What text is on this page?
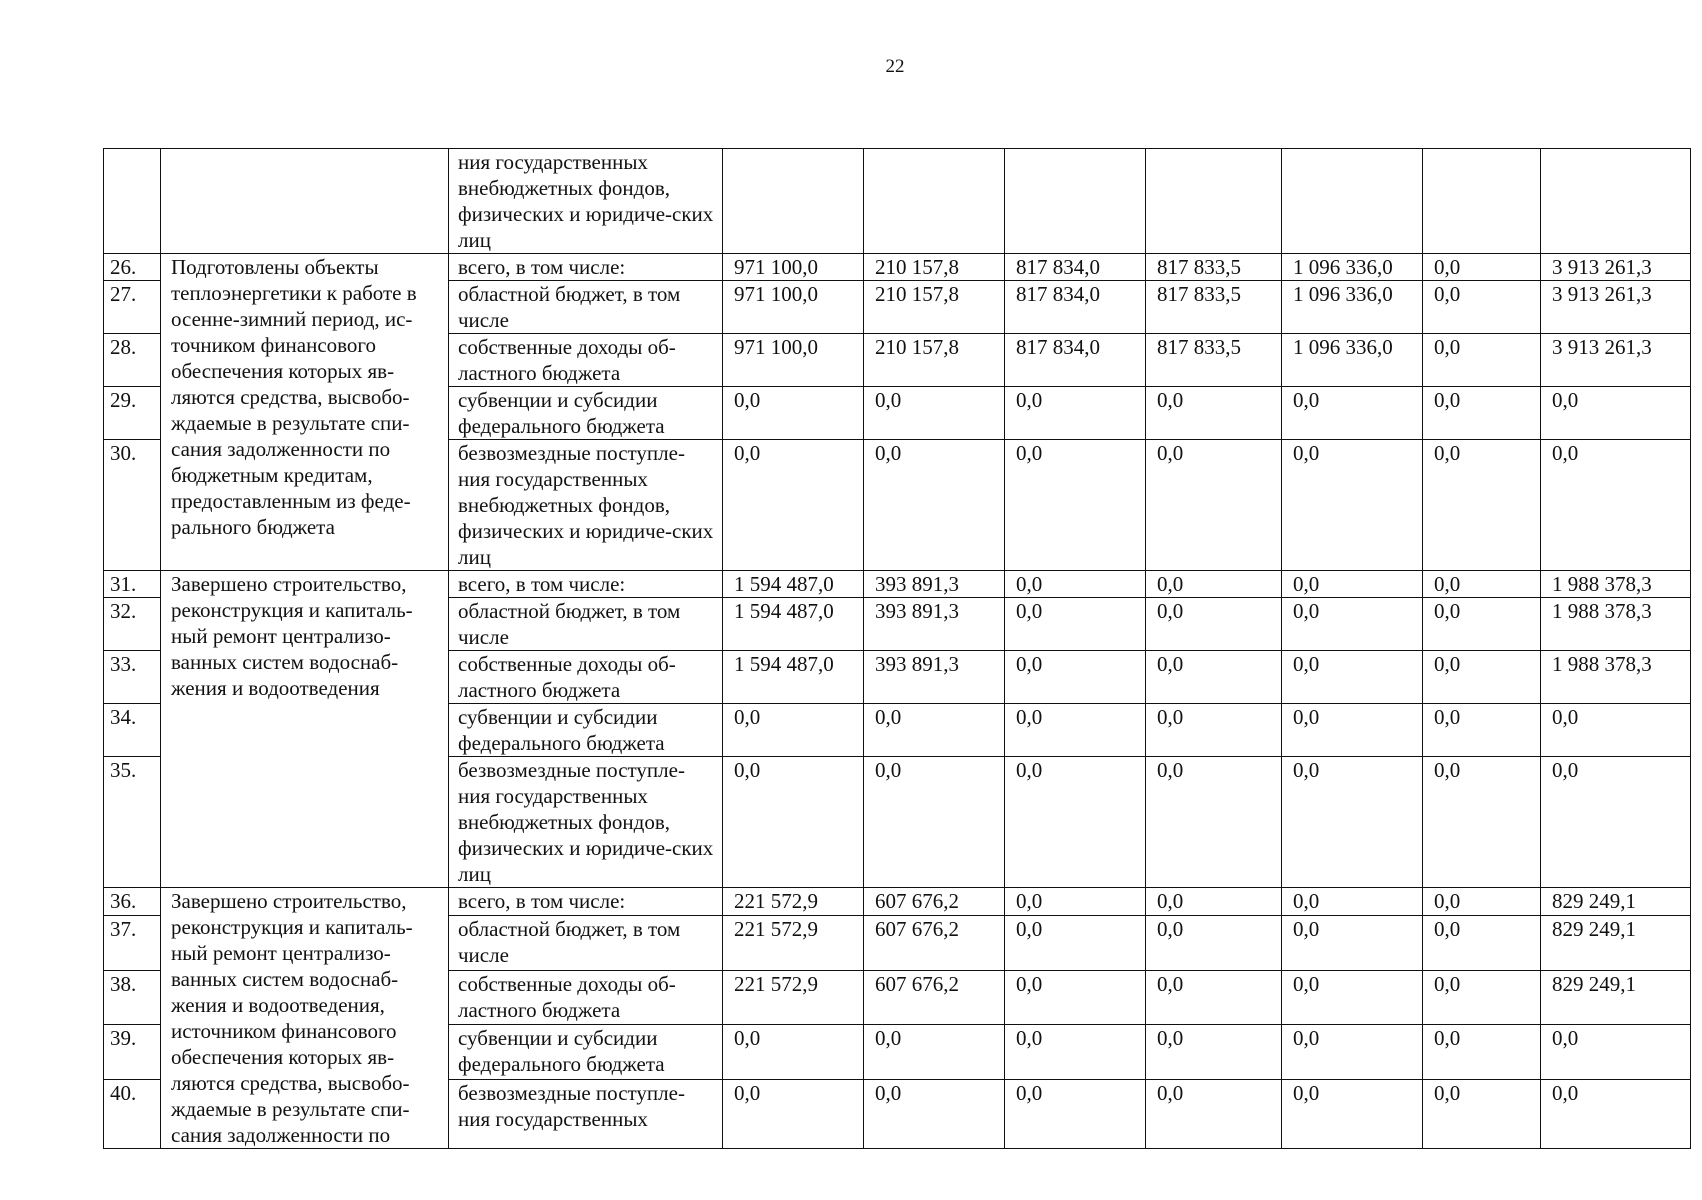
22
		ния государственных внебюджетных фондов, физических и юридиче-ских лиц							
26.	Подготовлены объекты теплоэнергетики к работе в осенне-зимний период, ис-точником финансового обеспечения которых яв-ляются средства, высвобо-ждаемые в результате спи-сания задолженности по бюджетным кредитам, предоставленным из феде-рального бюджета	всего, в том числе:	971 100,0	210 157,8	817 834,0	817 833,5	1 096 336,0	0,0	3 913 261,3
27.		областной бюджет, в том числе	971 100,0	210 157,8	817 834,0	817 833,5	1 096 336,0	0,0	3 913 261,3
28.		собственные доходы об-ластного бюджета	971 100,0	210 157,8	817 834,0	817 833,5	1 096 336,0	0,0	3 913 261,3
29.		субвенции и субсидии федерального бюджета	0,0	0,0	0,0	0,0	0,0	0,0	0,0
30.		безвозмездные поступле-ния государственных внебюджетных фондов, физических и юридиче-ских лиц	0,0	0,0	0,0	0,0	0,0	0,0	0,0
31.	Завершено строительство, реконструкция и капиталь-ный ремонт централизо-ванных систем водоснаб-жения и водоотведения	всего, в том числе:	1 594 487,0	393 891,3	0,0	0,0	0,0	0,0	1 988 378,3
32.		областной бюджет, в том числе	1 594 487,0	393 891,3	0,0	0,0	0,0	0,0	1 988 378,3
33.		собственные доходы об-ластного бюджета	1 594 487,0	393 891,3	0,0	0,0	0,0	0,0	1 988 378,3
34.		субвенции и субсидии федерального бюджета	0,0	0,0	0,0	0,0	0,0	0,0	0,0
35.		безвозмездные поступле-ния государственных внебюджетных фондов, физических и юридиче-ских лиц	0,0	0,0	0,0	0,0	0,0	0,0	0,0
36.	Завершено строительство, реконструкция и капиталь-ный ремонт централизо-ванных систем водоснаб-жения и водоотведения, источником финансового обеспечения которых яв-ляются средства, высвобо-ждаемые в результате спи-сания задолженности по	всего, в том числе:	221 572,9	607 676,2	0,0	0,0	0,0	0,0	829 249,1
37.		областной бюджет, в том числе	221 572,9	607 676,2	0,0	0,0	0,0	0,0	829 249,1
38.		собственные доходы об-ластного бюджета	221 572,9	607 676,2	0,0	0,0	0,0	0,0	829 249,1
39.		субвенции и субсидии федерального бюджета	0,0	0,0	0,0	0,0	0,0	0,0	0,0
40.		безвозмездные поступле-ния государственных	0,0	0,0	0,0	0,0	0,0	0,0	0,0
